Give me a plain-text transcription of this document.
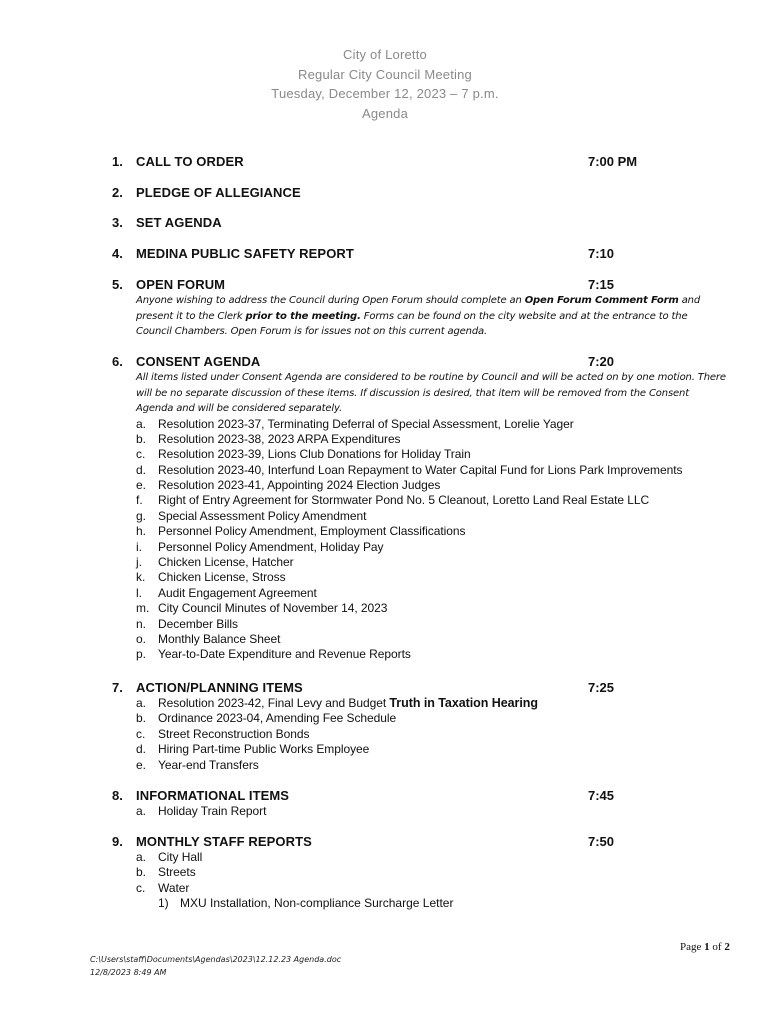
City of Loretto
Regular City Council Meeting
Tuesday, December 12, 2023 – 7 p.m.
Agenda
1. CALL TO ORDER	7:00 PM
2. PLEDGE OF ALLEGIANCE
3. SET AGENDA
4. MEDINA PUBLIC SAFETY REPORT	7:10
5. OPEN FORUM	7:15
Anyone wishing to address the Council during Open Forum should complete an Open Forum Comment Form and present it to the Clerk prior to the meeting. Forms can be found on the city website and at the entrance to the Council Chambers. Open Forum is for issues not on this current agenda.
6. CONSENT AGENDA	7:20
All items listed under Consent Agenda are considered to be routine by Council and will be acted on by one motion. There will be no separate discussion of these items. If discussion is desired, that item will be removed from the Consent Agenda and will be considered separately.
a. Resolution 2023-37, Terminating Deferral of Special Assessment, Lorelie Yager
b. Resolution 2023-38, 2023 ARPA Expenditures
c. Resolution 2023-39, Lions Club Donations for Holiday Train
d. Resolution 2023-40, Interfund Loan Repayment to Water Capital Fund for Lions Park Improvements
e. Resolution 2023-41, Appointing 2024 Election Judges
f. Right of Entry Agreement for Stormwater Pond No. 5 Cleanout, Loretto Land Real Estate LLC
g. Special Assessment Policy Amendment
h. Personnel Policy Amendment, Employment Classifications
i. Personnel Policy Amendment, Holiday Pay
j. Chicken License, Hatcher
k. Chicken License, Stross
l. Audit Engagement Agreement
m. City Council Minutes of November 14, 2023
n. December Bills
o. Monthly Balance Sheet
p. Year-to-Date Expenditure and Revenue Reports
7. ACTION/PLANNING ITEMS	7:25
a. Resolution 2023-42, Final Levy and Budget Truth in Taxation Hearing
b. Ordinance 2023-04, Amending Fee Schedule
c. Street Reconstruction Bonds
d. Hiring Part-time Public Works Employee
e. Year-end Transfers
8. INFORMATIONAL ITEMS	7:45
a. Holiday Train Report
9. MONTHLY STAFF REPORTS	7:50
a. City Hall
b. Streets
c. Water
1) MXU Installation, Non-compliance Surcharge Letter
Page 1 of 2
C:\Users\staff\Documents\Agendas\2023\12.12.23 Agenda.doc
12/8/2023 8:49 AM
